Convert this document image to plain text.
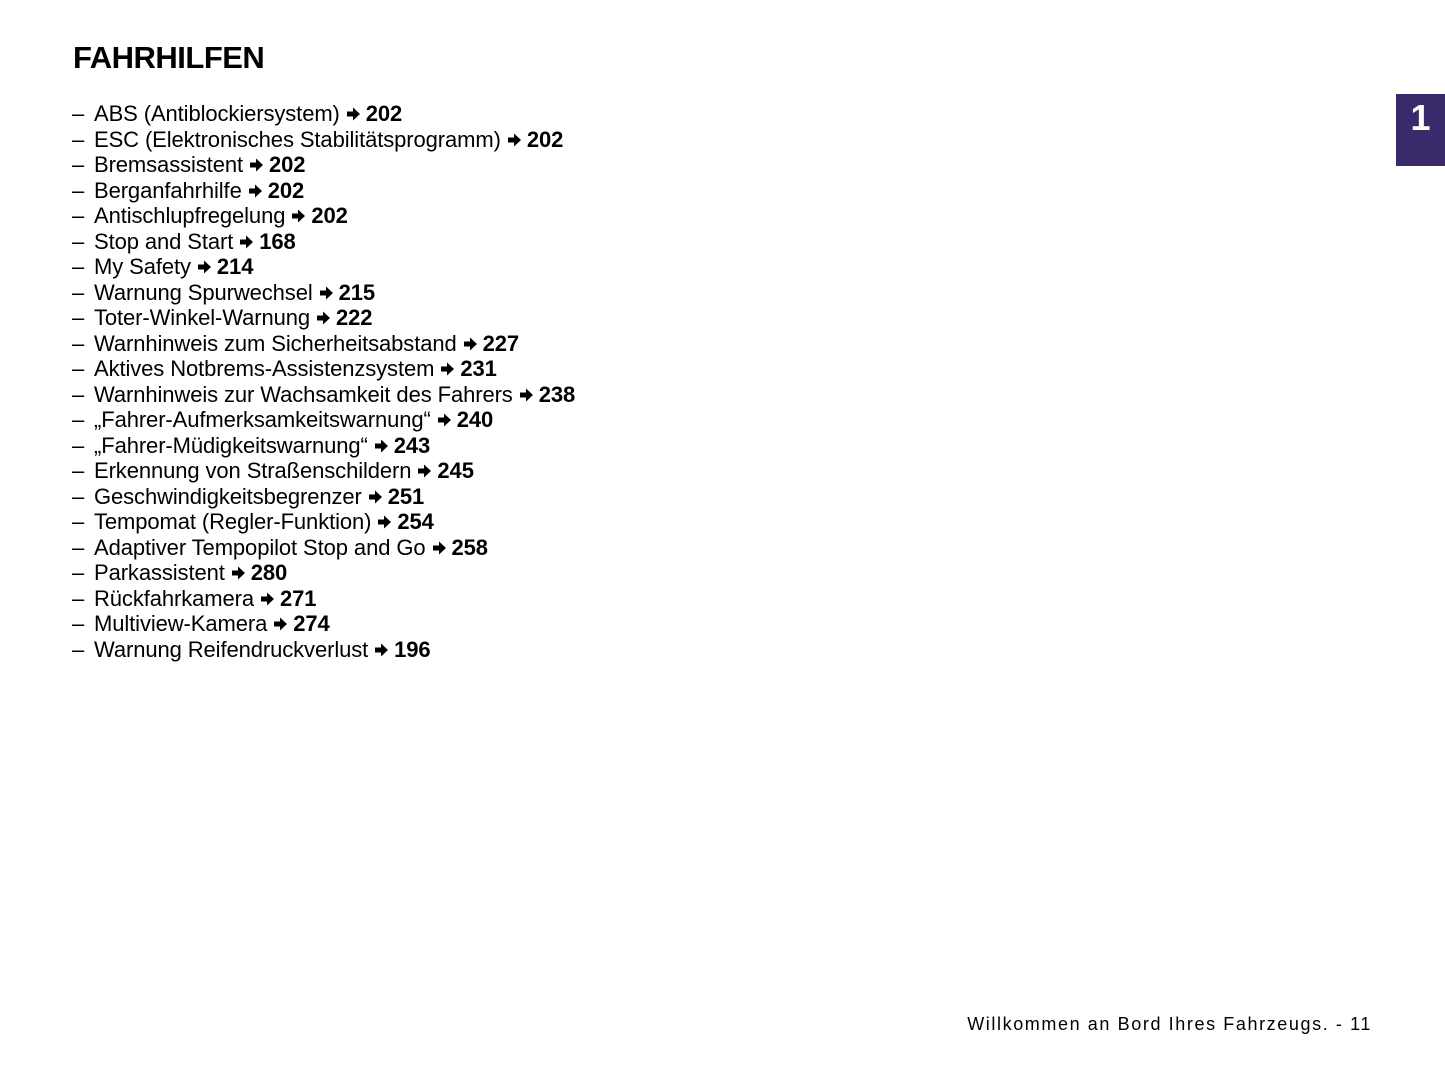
FAHRHILFEN
1
– ABS (Antiblockiersystem) 202
– ESC (Elektronisches Stabilitätsprogramm) 202
– Bremsassistent 202
– Berganfahrhilfe 202
– Antischlupfregelung 202
– Stop and Start 168
– My Safety 214
– Warnung Spurwechsel 215
– Toter-Winkel-Warnung 222
– Warnhinweis zum Sicherheitsabstand 227
– Aktives Notbrems-Assistenzsystem 231
– Warnhinweis zur Wachsamkeit des Fahrers 238
– „Fahrer-Aufmerksamkeitswarnung“ 240
– „Fahrer-Müdigkeitswarnung“ 243
– Erkennung von Straßenschildern 245
– Geschwindigkeitsbegrenzer 251
– Tempomat (Regler-Funktion) 254
– Adaptiver Tempopilot Stop and Go 258
– Parkassistent 280
– Rückfahrkamera 271
– Multiview-Kamera 274
– Warnung Reifendruckverlust 196
Willkommen an Bord Ihres Fahrzeugs. - 11
